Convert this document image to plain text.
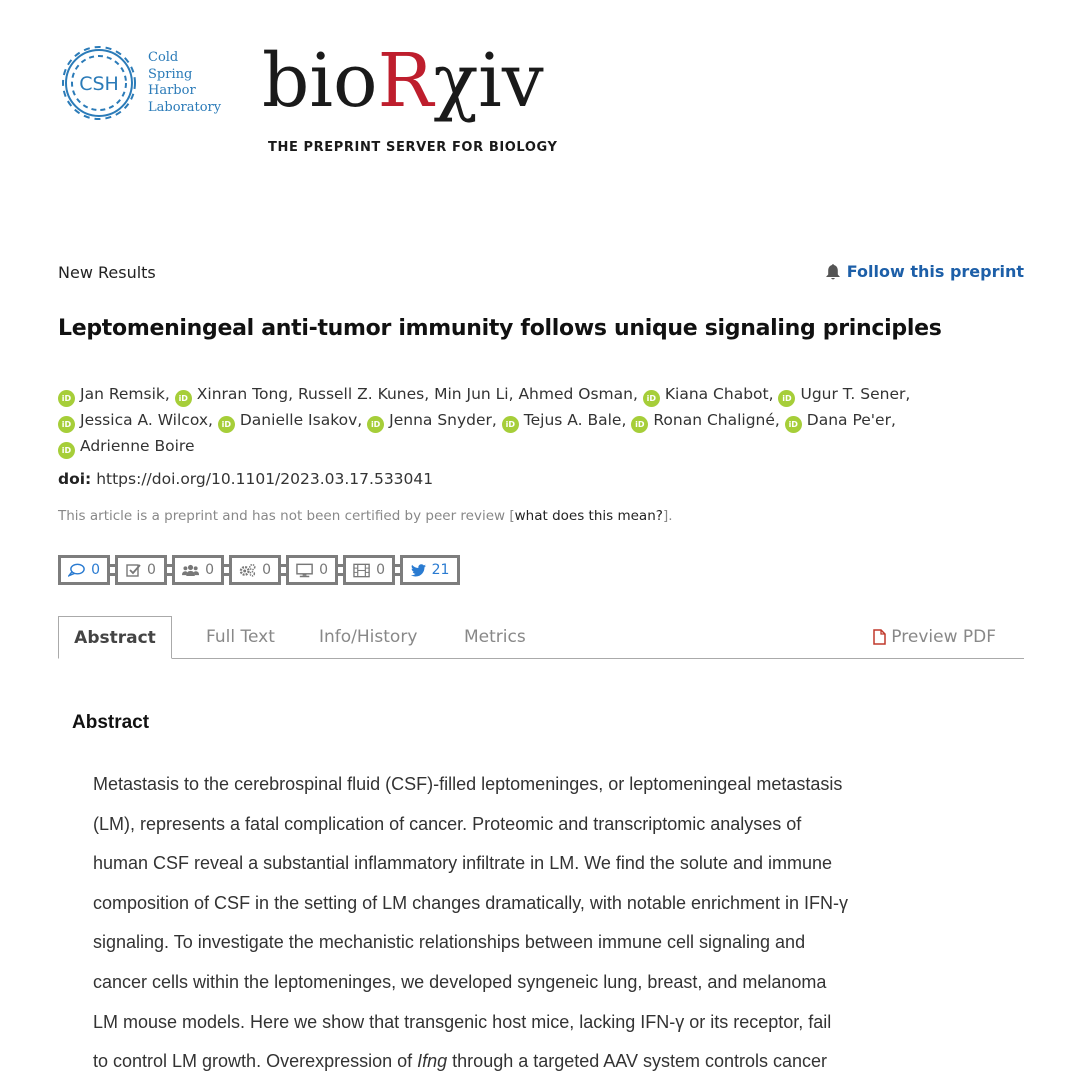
CSH
Cold
Spring
Harbor
Laboratory bioRχiv
THE PREPRINT SERVER FOR BIOLOGY
New Results	Follow this preprint
Leptomeningeal anti-tumor immunity follows unique signaling principles
iD Jan Remsik, iD Xinran Tong, Russell Z. Kunes, Min Jun Li, Ahmed Osman, iD Kiana Chabot, iD Ugur T. Sener,
iD Jessica A. Wilcox, iD Danielle Isakov, iD Jenna Snyder, iD Tejus A. Bale, iD Ronan Chaligné, iD Dana Pe'er,
iD Adrienne Boire
doi: https://doi.org/10.1101/2023.03.17.533041
This article is a preprint and has not been certified by peer review [what does this mean?].
0	0	0	0	0	0	21
Abstract	Full Text	Info/History	Metrics	Preview PDF
Abstract
Metastasis to the cerebrospinal fluid (CSF)-filled leptomeninges, or leptomeningeal metastasis
(LM), represents a fatal complication of cancer. Proteomic and transcriptomic analyses of
human CSF reveal a substantial inflammatory infiltrate in LM. We find the solute and immune
composition of CSF in the setting of LM changes dramatically, with notable enrichment in IFN-γ
signaling. To investigate the mechanistic relationships between immune cell signaling and
cancer cells within the leptomeninges, we developed syngeneic lung, breast, and melanoma
LM mouse models. Here we show that transgenic host mice, lacking IFN-γ or its receptor, fail
to control LM growth. Overexpression of Ifng through a targeted AAV system controls cancer
